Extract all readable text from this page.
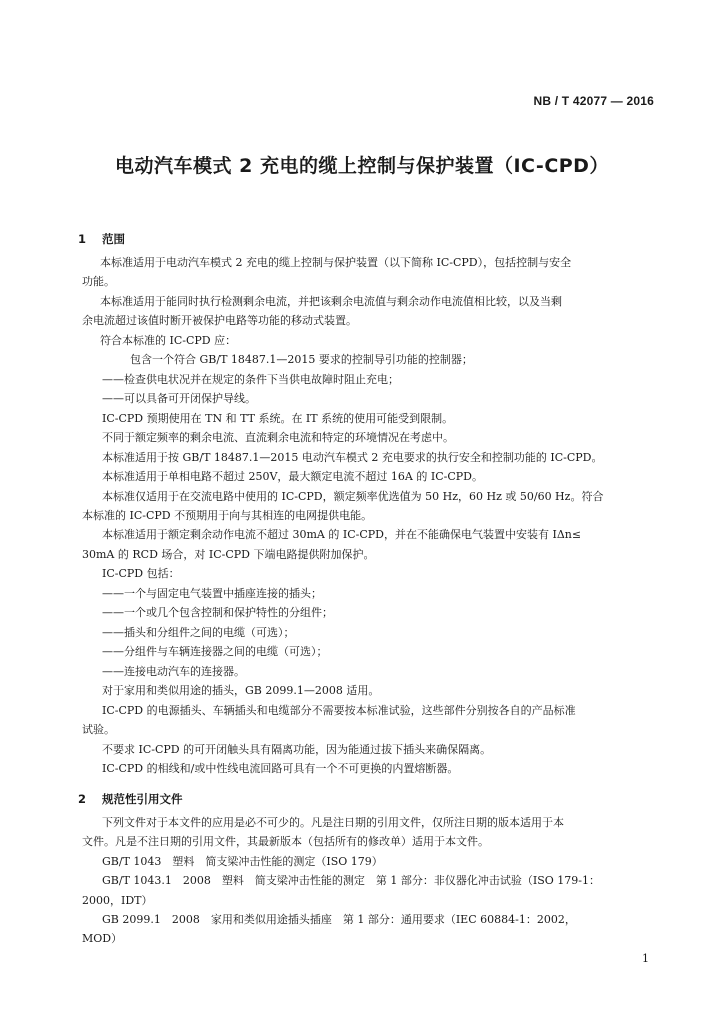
NB / T 42077 — 2016
电动汽车模式 2 充电的缆上控制与保护装置（IC-CPD）
1 范围
本标准适用于电动汽车模式 2 充电的缆上控制与保护装置（以下简称 IC-CPD），包括控制与安全
功能。
本标准适用于能同时执行检测剩余电流，并把该剩余电流值与剩余动作电流值相比较，以及当剩
余电流超过该值时断开被保护电路等功能的移动式装置。
符合本标准的 IC-CPD 应：
包含一个符合 GB/T 18487.1—2015 要求的控制导引功能的控制器；
——检查供电状况并在规定的条件下当供电故障时阻止充电；
——可以具备可开闭保护导线。
IC-CPD 预期使用在 TN 和 TT 系统。在 IT 系统的使用可能受到限制。
不同于额定频率的剩余电流、直流剩余电流和特定的环境情况在考虑中。
本标准适用于按 GB/T 18487.1—2015 电动汽车模式 2 充电要求的执行安全和控制功能的 IC-CPD。
本标准适用于单相电路不超过 250V，最大额定电流不超过 16A 的 IC-CPD。
本标准仅适用于在交流电路中使用的 IC-CPD，额定频率优选值为 50 Hz，60 Hz 或 50/60 Hz。符合
本标准的 IC-CPD 不预期用于向与其相连的电网提供电能。
本标准适用于额定剩余动作电流不超过 30mA 的 IC-CPD，并在不能确保电气装置中安装有 IΔn≤
30mA 的 RCD 场合，对 IC-CPD 下端电路提供附加保护。
IC-CPD 包括：
——一个与固定电气装置中插座连接的插头；
——一个或几个包含控制和保护特性的分组件；
——插头和分组件之间的电缆（可选）；
——分组件与车辆连接器之间的电缆（可选）；
——连接电动汽车的连接器。
对于家用和类似用途的插头，GB 2099.1—2008 适用。
IC-CPD 的电源插头、车辆插头和电缆部分不需要按本标准试验，这些部件分别按各自的产品标准
试验。
不要求 IC-CPD 的可开闭触头具有隔离功能，因为能通过拔下插头来确保隔离。
IC-CPD 的相线和/或中性线电流回路可具有一个不可更换的内置熔断器。
2 规范性引用文件
下列文件对于本文件的应用是必不可少的。凡是注日期的引用文件，仅所注日期的版本适用于本
文件。凡是不注日期的引用文件，其最新版本（包括所有的修改单）适用于本文件。
GB/T 1043　塑料　简支梁冲击性能的测定（ISO 179）
GB/T 1043.1　2008　塑料　简支梁冲击性能的测定　第 1 部分：非仪器化冲击试验（ISO 179-1：
2000，IDT）
GB 2099.1　2008　家用和类似用途插头插座　第 1 部分：通用要求（IEC 60884-1：2002，
MOD）
1
